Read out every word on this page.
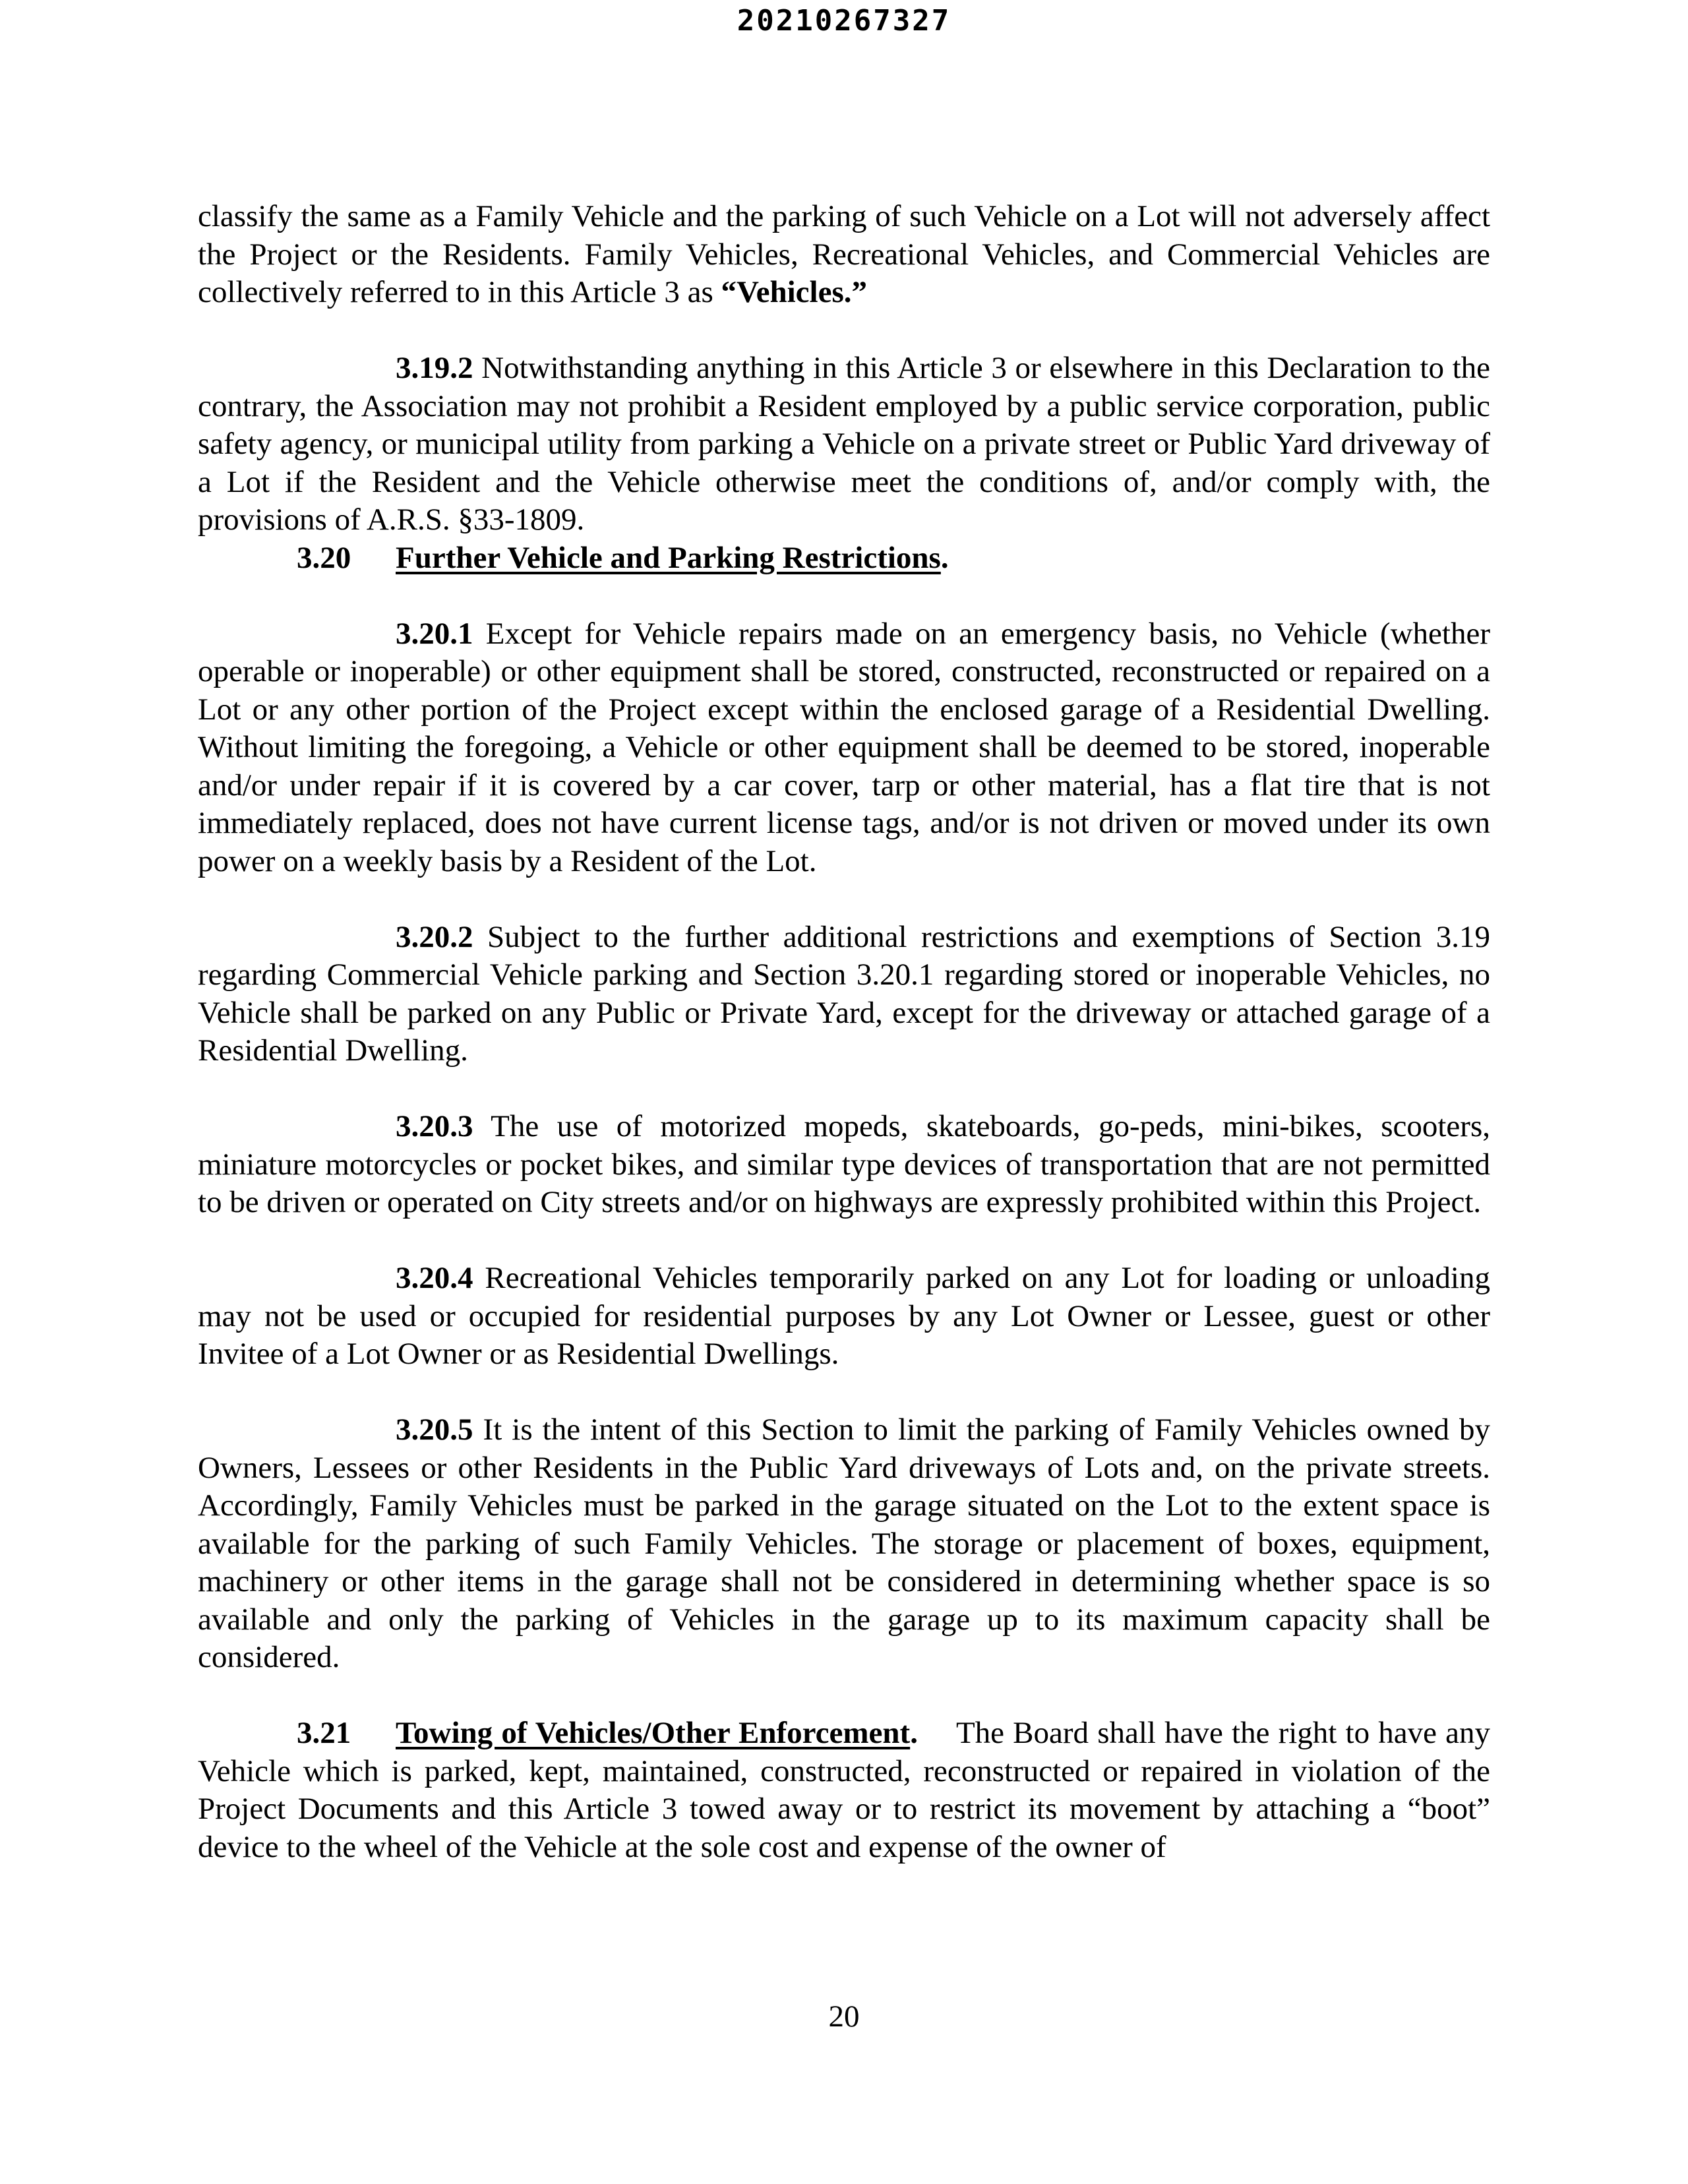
20210267327

classify the same as a Family Vehicle and the parking of such Vehicle on a Lot will not adversely affect the Project or the Residents. Family Vehicles, Recreational Vehicles, and Commercial Vehicles are collectively referred to in this Article 3 as “Vehicles.”

3.19.2 Notwithstanding anything in this Article 3 or elsewhere in this Declaration to the contrary, the Association may not prohibit a Resident employed by a public service corporation, public safety agency, or municipal utility from parking a Vehicle on a private street or Public Yard driveway of a Lot if the Resident and the Vehicle otherwise meet the conditions of, and/or comply with, the provisions of A.R.S. §33-1809.

3.20 Further Vehicle and Parking Restrictions.

3.20.1 Except for Vehicle repairs made on an emergency basis, no Vehicle (whether operable or inoperable) or other equipment shall be stored, constructed, reconstructed or repaired on a Lot or any other portion of the Project except within the enclosed garage of a Residential Dwelling. Without limiting the foregoing, a Vehicle or other equipment shall be deemed to be stored, inoperable and/or under repair if it is covered by a car cover, tarp or other material, has a flat tire that is not immediately replaced, does not have current license tags, and/or is not driven or moved under its own power on a weekly basis by a Resident of the Lot.

3.20.2 Subject to the further additional restrictions and exemptions of Section 3.19 regarding Commercial Vehicle parking and Section 3.20.1 regarding stored or inoperable Vehicles, no Vehicle shall be parked on any Public or Private Yard, except for the driveway or attached garage of a Residential Dwelling.

3.20.3 The use of motorized mopeds, skateboards, go-peds, mini-bikes, scooters, miniature motorcycles or pocket bikes, and similar type devices of transportation that are not permitted to be driven or operated on City streets and/or on highways are expressly prohibited within this Project.

3.20.4 Recreational Vehicles temporarily parked on any Lot for loading or unloading may not be used or occupied for residential purposes by any Lot Owner or Lessee, guest or other Invitee of a Lot Owner or as Residential Dwellings.

3.20.5 It is the intent of this Section to limit the parking of Family Vehicles owned by Owners, Lessees or other Residents in the Public Yard driveways of Lots and, on the private streets. Accordingly, Family Vehicles must be parked in the garage situated on the Lot to the extent space is available for the parking of such Family Vehicles. The storage or placement of boxes, equipment, machinery or other items in the garage shall not be considered in determining whether space is so available and only the parking of Vehicles in the garage up to its maximum capacity shall be considered.

3.21 Towing of Vehicles/Other Enforcement. The Board shall have the right to have any Vehicle which is parked, kept, maintained, constructed, reconstructed or repaired in violation of the Project Documents and this Article 3 towed away or to restrict its movement by attaching a “boot” device to the wheel of the Vehicle at the sole cost and expense of the owner of

20
